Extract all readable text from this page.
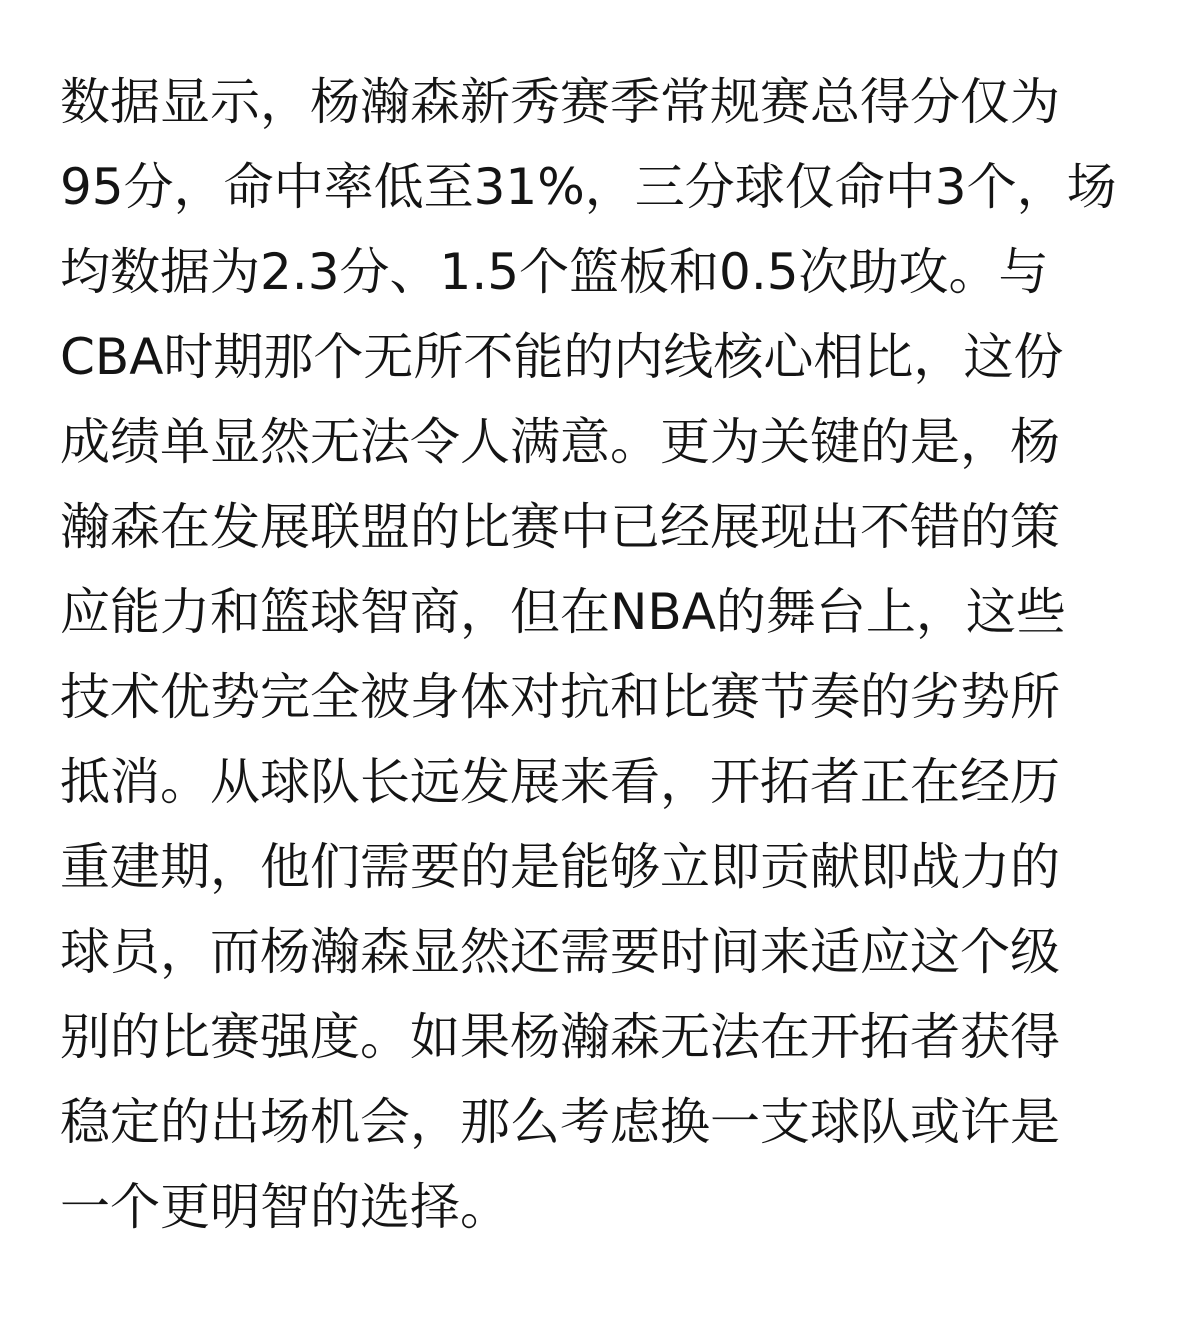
数据显示，杨瀚森新秀赛季常规赛总得分仅为
95分，命中率低至31%，三分球仅命中3个，场
均数据为2.3分、1.5个篮板和0.5次助攻。与
CBA时期那个无所不能的内线核心相比，这份
成绩单显然无法令人满意。更为关键的是，杨
瀚森在发展联盟的比赛中已经展现出不错的策
应能力和篮球智商，但在NBA的舞台上，这些
技术优势完全被身体对抗和比赛节奏的劣势所
抵消。从球队长远发展来看，开拓者正在经历
重建期，他们需要的是能够立即贡献即战力的
球员，而杨瀚森显然还需要时间来适应这个级
别的比赛强度。如果杨瀚森无法在开拓者获得
稳定的出场机会，那么考虑换一支球队或许是
一个更明智的选择。
